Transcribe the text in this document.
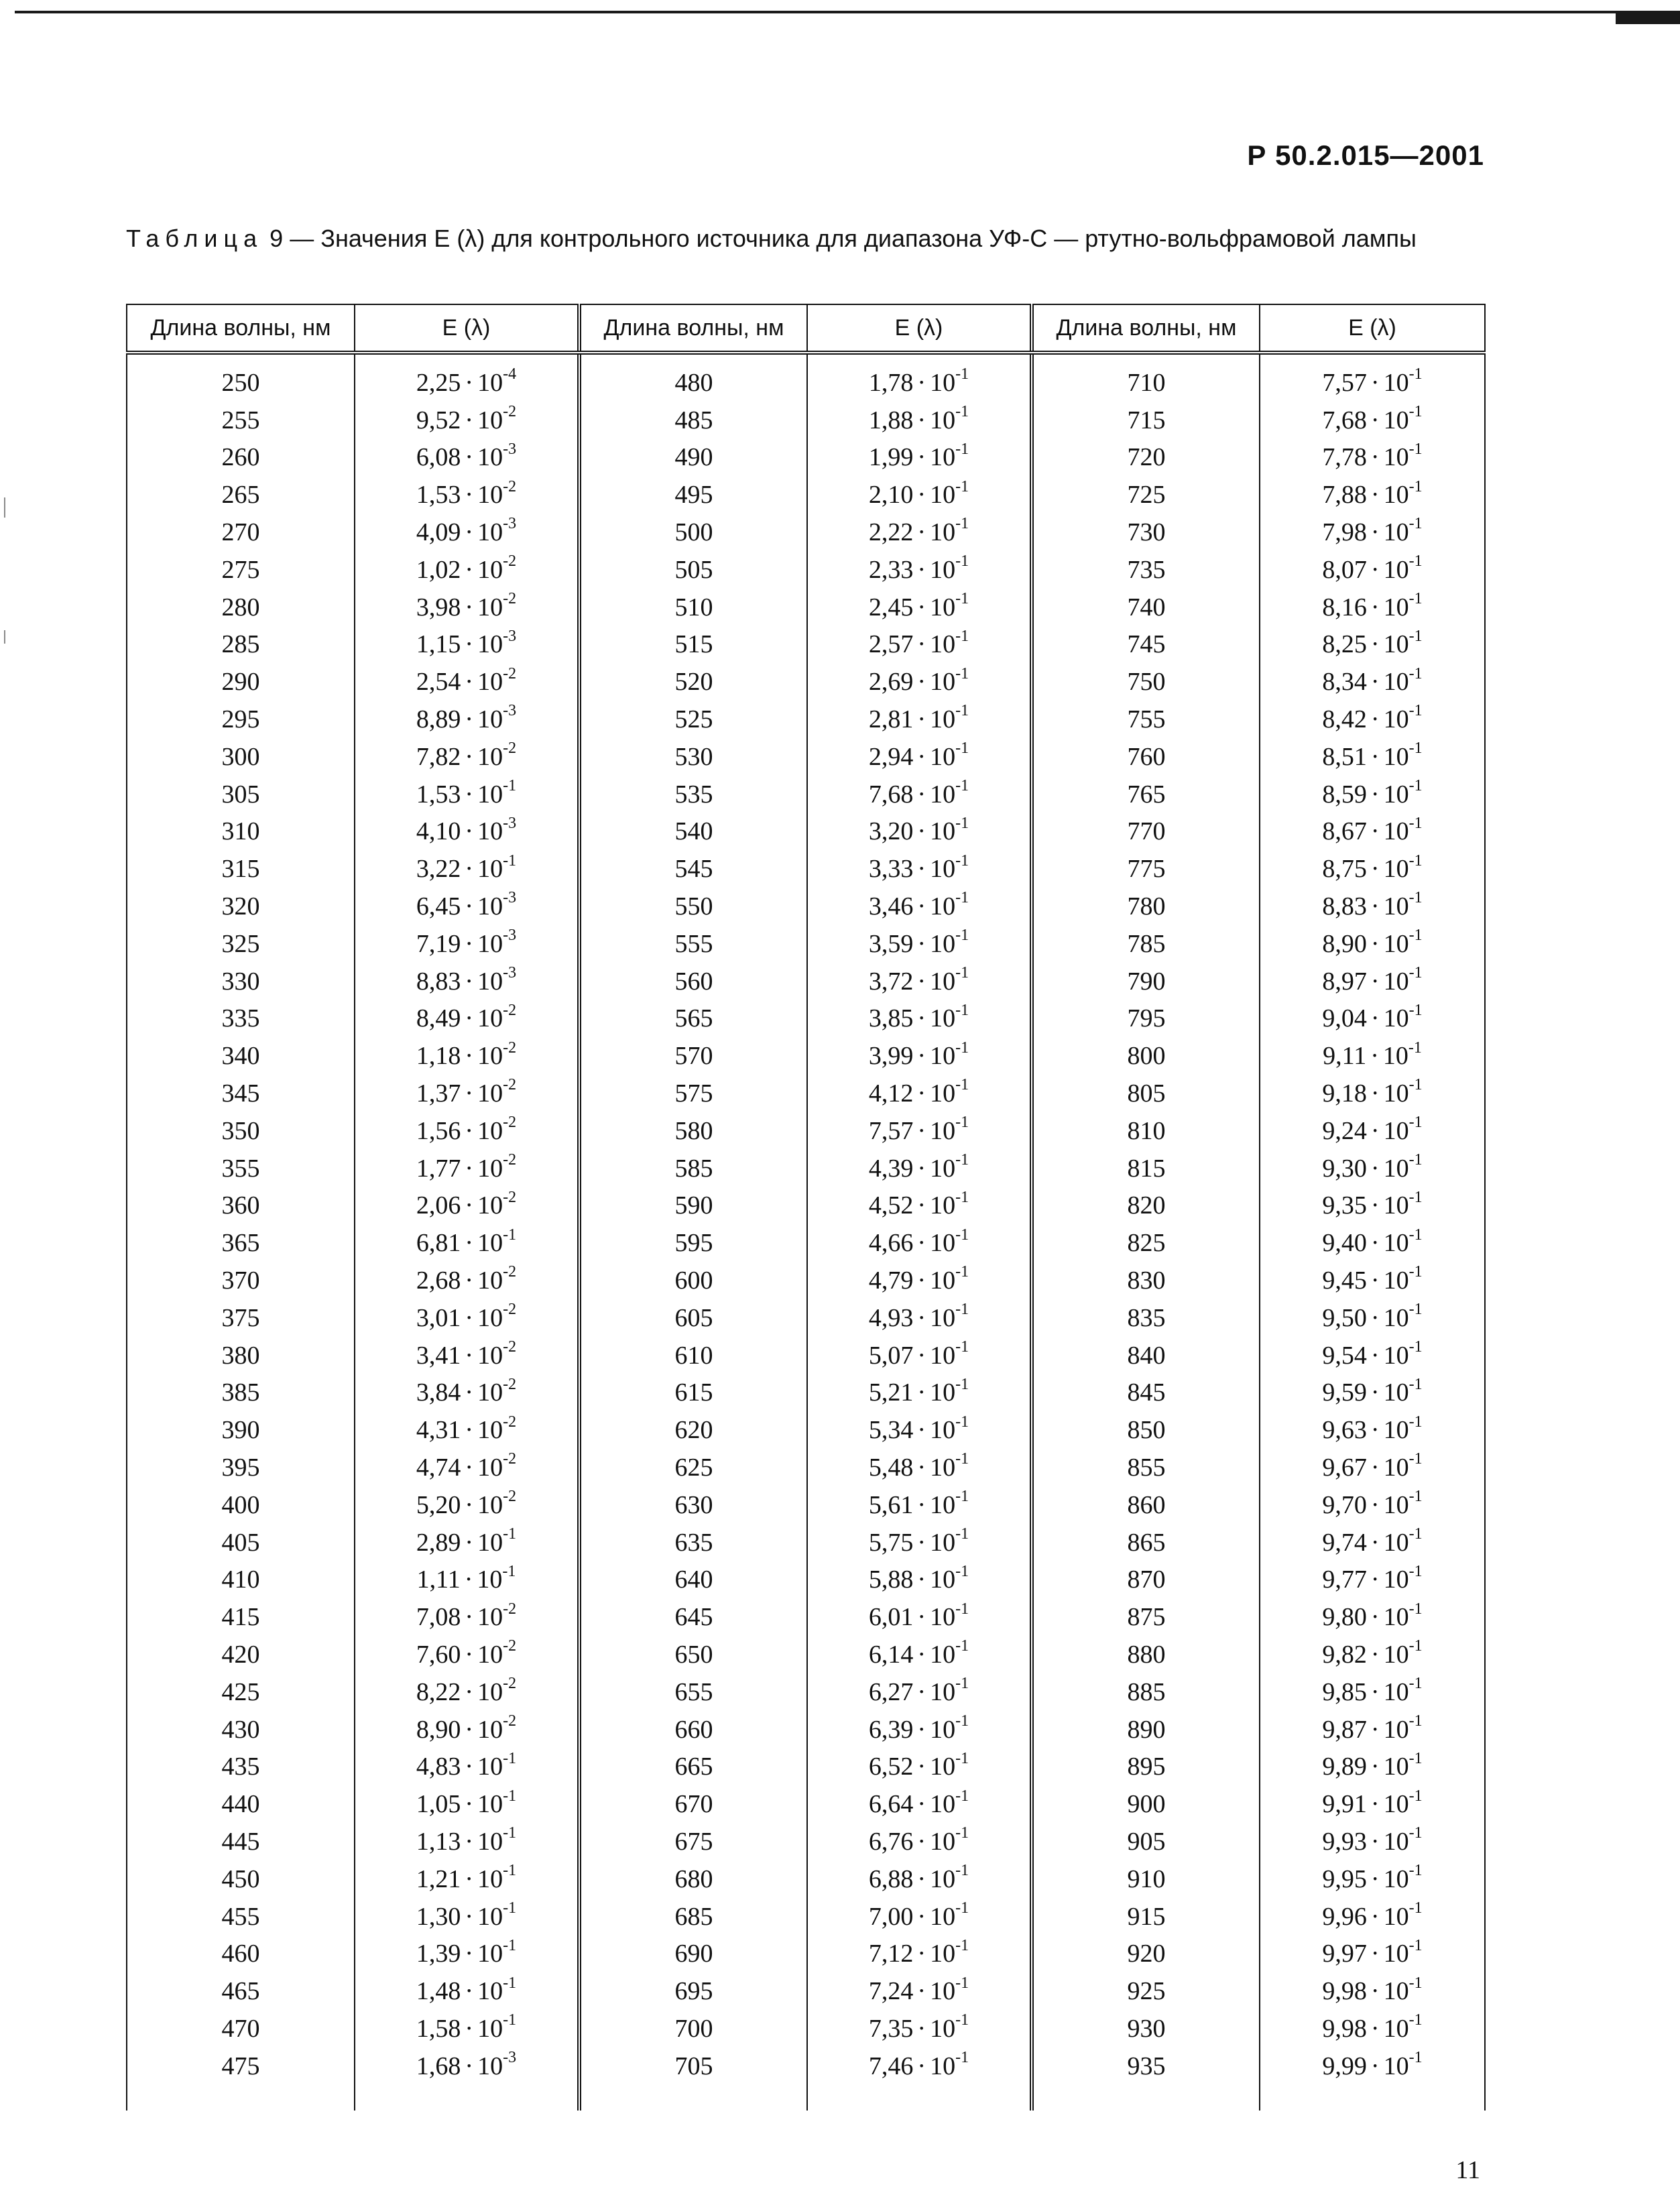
Р 50.2.015—2001
Таблица 9 — Значения E (λ) для контрольного источника для диапазона УФ-С — ртутно-вольфрамовой лампы
Длина волны, нм	E (λ)	Длина волны, нм	E (λ)	Длина волны, нм	E (λ)
250	$2,25 \cdot 10^{-4}$	480	$1,78 \cdot 10^{-1}$	710	$7,57 \cdot 10^{-1}$
255	$9,52 \cdot 10^{-2}$	485	$1,88 \cdot 10^{-1}$	715	$7,68 \cdot 10^{-1}$
260	$6,08 \cdot 10^{-3}$	490	$1,99 \cdot 10^{-1}$	720	$7,78 \cdot 10^{-1}$
265	$1,53 \cdot 10^{-2}$	495	$2,10 \cdot 10^{-1}$	725	$7,88 \cdot 10^{-1}$
270	$4,09 \cdot 10^{-3}$	500	$2,22 \cdot 10^{-1}$	730	$7,98 \cdot 10^{-1}$
275	$1,02 \cdot 10^{-2}$	505	$2,33 \cdot 10^{-1}$	735	$8,07 \cdot 10^{-1}$
280	$3,98 \cdot 10^{-2}$	510	$2,45 \cdot 10^{-1}$	740	$8,16 \cdot 10^{-1}$
285	$1,15 \cdot 10^{-3}$	515	$2,57 \cdot 10^{-1}$	745	$8,25 \cdot 10^{-1}$
290	$2,54 \cdot 10^{-2}$	520	$2,69 \cdot 10^{-1}$	750	$8,34 \cdot 10^{-1}$
295	$8,89 \cdot 10^{-3}$	525	$2,81 \cdot 10^{-1}$	755	$8,42 \cdot 10^{-1}$
300	$7,82 \cdot 10^{-2}$	530	$2,94 \cdot 10^{-1}$	760	$8,51 \cdot 10^{-1}$
305	$1,53 \cdot 10^{-1}$	535	$7,68 \cdot 10^{-1}$	765	$8,59 \cdot 10^{-1}$
310	$4,10 \cdot 10^{-3}$	540	$3,20 \cdot 10^{-1}$	770	$8,67 \cdot 10^{-1}$
315	$3,22 \cdot 10^{-1}$	545	$3,33 \cdot 10^{-1}$	775	$8,75 \cdot 10^{-1}$
320	$6,45 \cdot 10^{-3}$	550	$3,46 \cdot 10^{-1}$	780	$8,83 \cdot 10^{-1}$
325	$7,19 \cdot 10^{-3}$	555	$3,59 \cdot 10^{-1}$	785	$8,90 \cdot 10^{-1}$
330	$8,83 \cdot 10^{-3}$	560	$3,72 \cdot 10^{-1}$	790	$8,97 \cdot 10^{-1}$
335	$8,49 \cdot 10^{-2}$	565	$3,85 \cdot 10^{-1}$	795	$9,04 \cdot 10^{-1}$
340	$1,18 \cdot 10^{-2}$	570	$3,99 \cdot 10^{-1}$	800	$9,11 \cdot 10^{-1}$
345	$1,37 \cdot 10^{-2}$	575	$4,12 \cdot 10^{-1}$	805	$9,18 \cdot 10^{-1}$
350	$1,56 \cdot 10^{-2}$	580	$7,57 \cdot 10^{-1}$	810	$9,24 \cdot 10^{-1}$
355	$1,77 \cdot 10^{-2}$	585	$4,39 \cdot 10^{-1}$	815	$9,30 \cdot 10^{-1}$
360	$2,06 \cdot 10^{-2}$	590	$4,52 \cdot 10^{-1}$	820	$9,35 \cdot 10^{-1}$
365	$6,81 \cdot 10^{-1}$	595	$4,66 \cdot 10^{-1}$	825	$9,40 \cdot 10^{-1}$
370	$2,68 \cdot 10^{-2}$	600	$4,79 \cdot 10^{-1}$	830	$9,45 \cdot 10^{-1}$
375	$3,01 \cdot 10^{-2}$	605	$4,93 \cdot 10^{-1}$	835	$9,50 \cdot 10^{-1}$
380	$3,41 \cdot 10^{-2}$	610	$5,07 \cdot 10^{-1}$	840	$9,54 \cdot 10^{-1}$
385	$3,84 \cdot 10^{-2}$	615	$5,21 \cdot 10^{-1}$	845	$9,59 \cdot 10^{-1}$
390	$4,31 \cdot 10^{-2}$	620	$5,34 \cdot 10^{-1}$	850	$9,63 \cdot 10^{-1}$
395	$4,74 \cdot 10^{-2}$	625	$5,48 \cdot 10^{-1}$	855	$9,67 \cdot 10^{-1}$
400	$5,20 \cdot 10^{-2}$	630	$5,61 \cdot 10^{-1}$	860	$9,70 \cdot 10^{-1}$
405	$2,89 \cdot 10^{-1}$	635	$5,75 \cdot 10^{-1}$	865	$9,74 \cdot 10^{-1}$
410	$1,11 \cdot 10^{-1}$	640	$5,88 \cdot 10^{-1}$	870	$9,77 \cdot 10^{-1}$
415	$7,08 \cdot 10^{-2}$	645	$6,01 \cdot 10^{-1}$	875	$9,80 \cdot 10^{-1}$
420	$7,60 \cdot 10^{-2}$	650	$6,14 \cdot 10^{-1}$	880	$9,82 \cdot 10^{-1}$
425	$8,22 \cdot 10^{-2}$	655	$6,27 \cdot 10^{-1}$	885	$9,85 \cdot 10^{-1}$
430	$8,90 \cdot 10^{-2}$	660	$6,39 \cdot 10^{-1}$	890	$9,87 \cdot 10^{-1}$
435	$4,83 \cdot 10^{-1}$	665	$6,52 \cdot 10^{-1}$	895	$9,89 \cdot 10^{-1}$
440	$1,05 \cdot 10^{-1}$	670	$6,64 \cdot 10^{-1}$	900	$9,91 \cdot 10^{-1}$
445	$1,13 \cdot 10^{-1}$	675	$6,76 \cdot 10^{-1}$	905	$9,93 \cdot 10^{-1}$
450	$1,21 \cdot 10^{-1}$	680	$6,88 \cdot 10^{-1}$	910	$9,95 \cdot 10^{-1}$
455	$1,30 \cdot 10^{-1}$	685	$7,00 \cdot 10^{-1}$	915	$9,96 \cdot 10^{-1}$
460	$1,39 \cdot 10^{-1}$	690	$7,12 \cdot 10^{-1}$	920	$9,97 \cdot 10^{-1}$
465	$1,48 \cdot 10^{-1}$	695	$7,24 \cdot 10^{-1}$	925	$9,98 \cdot 10^{-1}$
470	$1,58 \cdot 10^{-1}$	700	$7,35 \cdot 10^{-1}$	930	$9,98 \cdot 10^{-1}$
475	$1,68 \cdot 10^{-3}$	705	$7,46 \cdot 10^{-1}$	935	$9,99 \cdot 10^{-1}$
11
